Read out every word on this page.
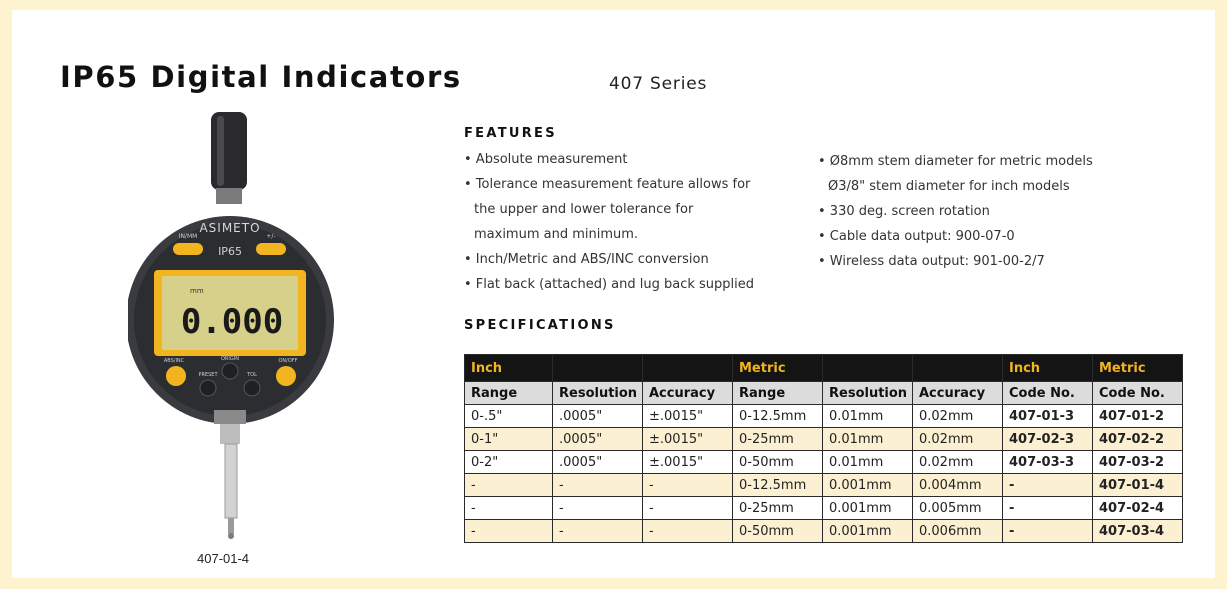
IP65 Digital Indicators	407 Series
ASIMETO
IP65
IN/MM	+/-
mm
0.000
ABS/INC	ORIGIN	ON/OFF
PRESET	TOL
407-01-4
FEATURES
• Absolute measurement
• Tolerance measurement feature allows for
the upper and lower tolerance for
maximum and minimum.
• Inch/Metric and ABS/INC conversion
• Flat back (attached) and lug back supplied
• Ø8mm stem diameter for metric models
Ø3/8" stem diameter for inch models
• 330 deg. screen rotation
• Cable data output: 900-07-0
• Wireless data output: 901-00-2/7
SPECIFICATIONS
Inch			Metric			Inch	Metric
Range	Resolution	Accuracy	Range	Resolution	Accuracy	Code No.	Code No.
0-.5"	.0005"	±.0015"	0-12.5mm	0.01mm	0.02mm	407-01-3	407-01-2
0-1"	.0005"	±.0015"	0-25mm	0.01mm	0.02mm	407-02-3	407-02-2
0-2"	.0005"	±.0015"	0-50mm	0.01mm	0.02mm	407-03-3	407-03-2
-	-	-	0-12.5mm	0.001mm	0.004mm	-	407-01-4
-	-	-	0-25mm	0.001mm	0.005mm	-	407-02-4
-	-	-	0-50mm	0.001mm	0.006mm	-	407-03-4
